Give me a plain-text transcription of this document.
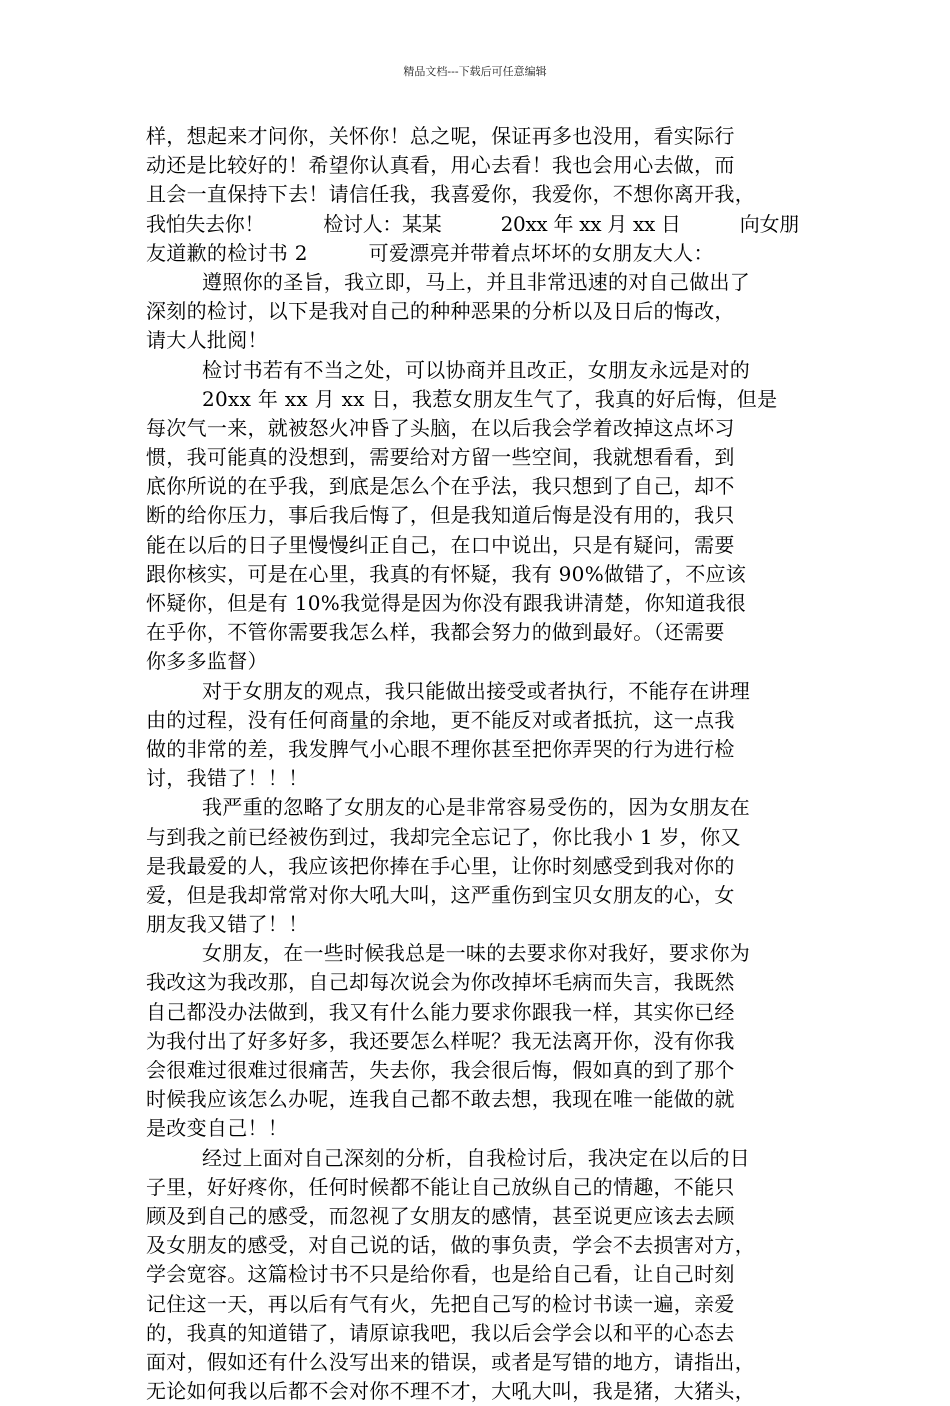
精品文档---下载后可任意编辑
样，想起来才问你，关怀你！总之呢，保证再多也没用，看实际行
动还是比较好的！希望你认真看，用心去看！我也会用心去做，而
且会一直保持下去！请信任我，我喜爱你，我爱你，不想你离开我，
我怕失去你！　　　检讨人：某某　　　20xx 年 xx 月 xx 日　　　向女朋
友道歉的检讨书 2　　　可爱漂亮并带着点坏坏的女朋友大人：
遵照你的圣旨，我立即，马上，并且非常迅速的对自己做出了
深刻的检讨，以下是我对自己的种种恶果的分析以及日后的悔改，
请大人批阅！
检讨书若有不当之处，可以协商并且改正，女朋友永远是对的
20xx 年 xx 月 xx 日，我惹女朋友生气了，我真的好后悔，但是
每次气一来，就被怒火冲昏了头脑，在以后我会学着改掉这点坏习
惯，我可能真的没想到，需要给对方留一些空间，我就想看看，到
底你所说的在乎我，到底是怎么个在乎法，我只想到了自己，却不
断的给你压力，事后我后悔了，但是我知道后悔是没有用的，我只
能在以后的日子里慢慢纠正自己，在口中说出，只是有疑问，需要
跟你核实，可是在心里，我真的有怀疑，我有 90%做错了，不应该
怀疑你，但是有 10%我觉得是因为你没有跟我讲清楚，你知道我很
在乎你，不管你需要我怎么样，我都会努力的做到最好。（还需要
你多多监督）
对于女朋友的观点，我只能做出接受或者执行，不能存在讲理
由的过程，没有任何商量的余地，更不能反对或者抵抗，这一点我
做的非常的差，我发脾气小心眼不理你甚至把你弄哭的行为进行检
讨，我错了！！！
我严重的忽略了女朋友的心是非常容易受伤的，因为女朋友在
与到我之前已经被伤到过，我却完全忘记了，你比我小 1 岁，你又
是我最爱的人，我应该把你捧在手心里，让你时刻感受到我对你的
爱，但是我却常常对你大吼大叫，这严重伤到宝贝女朋友的心，女
朋友我又错了！！
女朋友，在一些时候我总是一味的去要求你对我好，要求你为
我改这为我改那，自己却每次说会为你改掉坏毛病而失言，我既然
自己都没办法做到，我又有什么能力要求你跟我一样，其实你已经
为我付出了好多好多，我还要怎么样呢？我无法离开你，没有你我
会很难过很难过很痛苦，失去你，我会很后悔，假如真的到了那个
时候我应该怎么办呢，连我自己都不敢去想，我现在唯一能做的就
是改变自己！！
经过上面对自己深刻的分析，自我检讨后，我决定在以后的日
子里，好好疼你，任何时候都不能让自己放纵自己的情趣，不能只
顾及到自己的感受，而忽视了女朋友的感情，甚至说更应该去去顾
及女朋友的感受，对自己说的话，做的事负责，学会不去损害对方，
学会宽容。这篇检讨书不只是给你看，也是给自己看，让自己时刻
记住这一天，再以后有气有火，先把自己写的检讨书读一遍，亲爱
的，我真的知道错了，请原谅我吧，我以后会学会以和平的心态去
面对，假如还有什么没写出来的错误，或者是写错的地方，请指出，
无论如何我以后都不会对你不理不才，大吼大叫，我是猪，大猪头，
